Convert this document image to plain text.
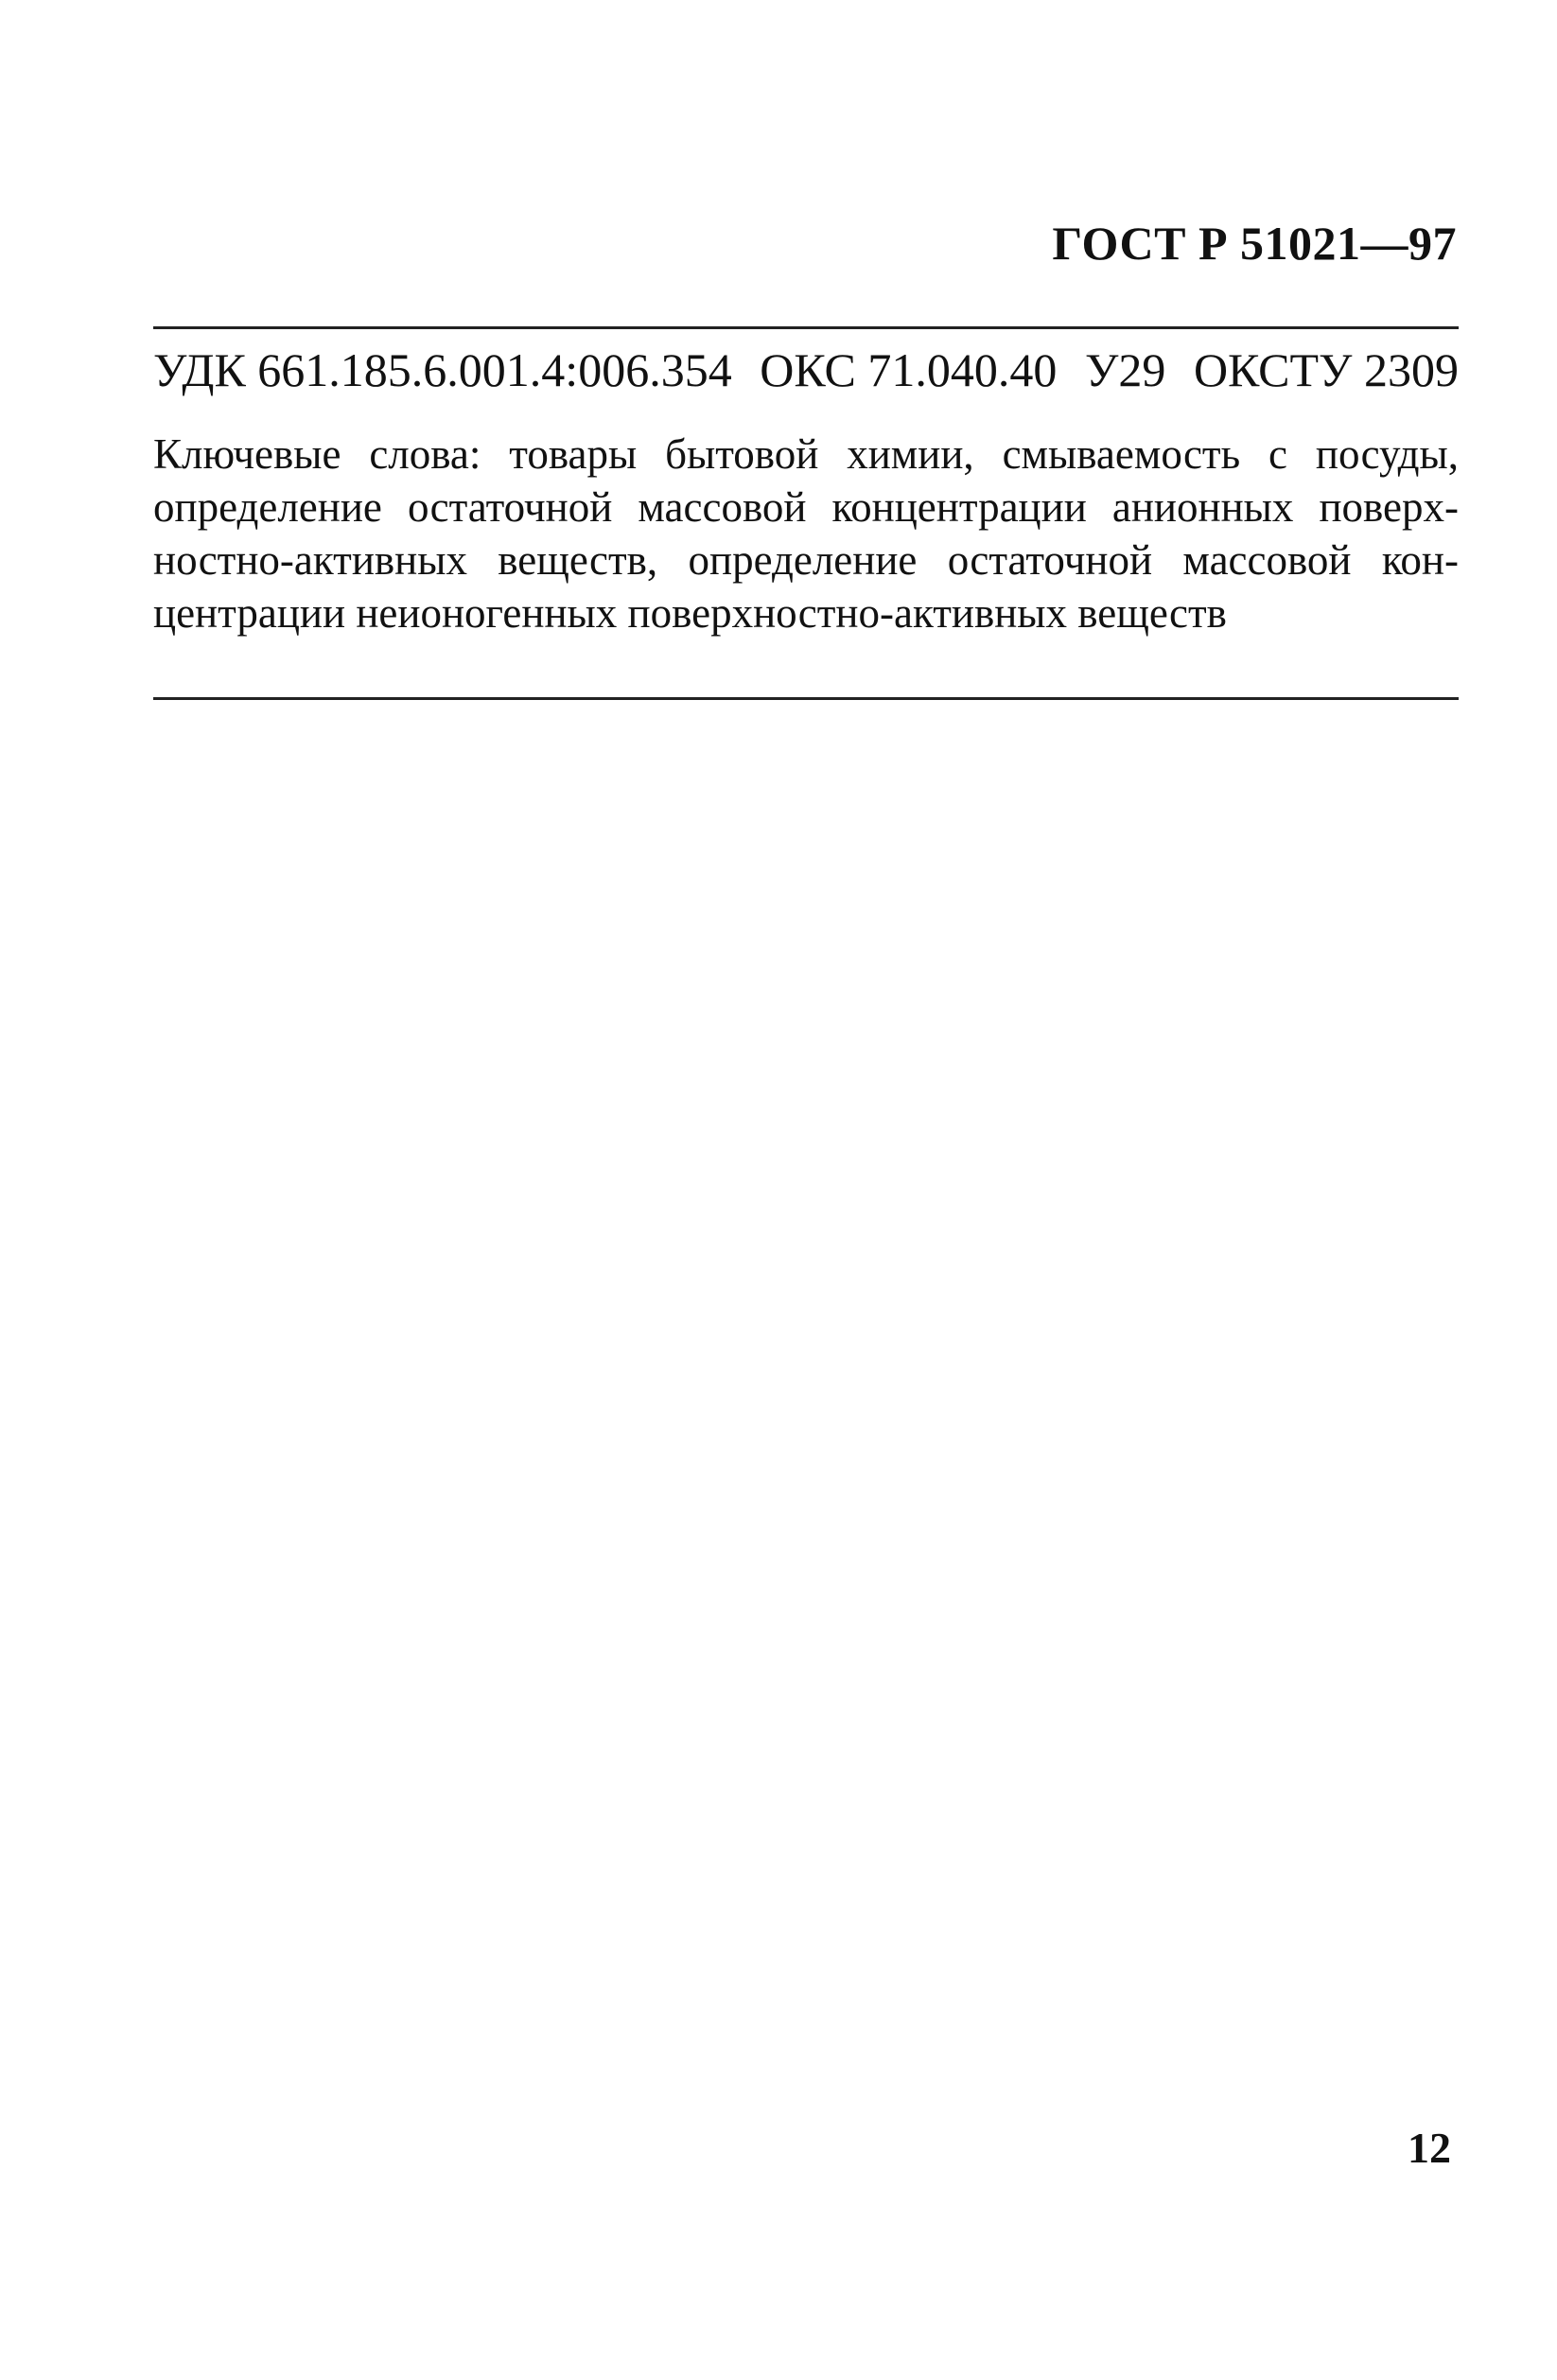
ГОСТ Р 51021—97
УДК 661.185.6.001.4:006.354 ОКС 71.040.40 У29 ОКСТУ 2309
Ключевые слова: товары бытовой химии, смываемость с посуды,
определение остаточной массовой концентрации анионных поверх-
ностно-активных веществ, определение остаточной массовой кон-
центрации неионогенных поверхностно-активных веществ
12
